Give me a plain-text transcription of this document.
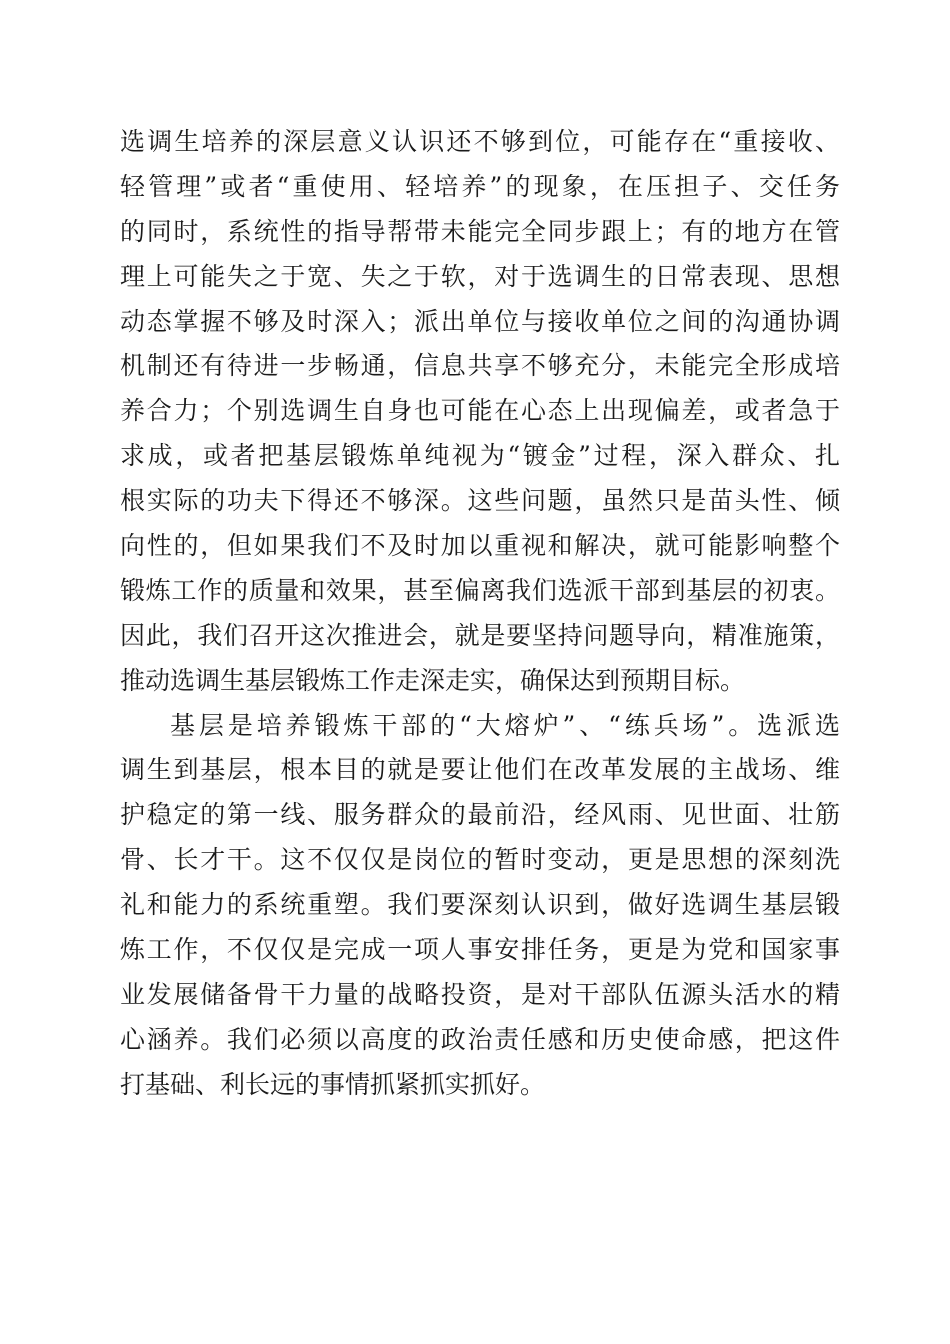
选调生培养的深层意义认识还不够到位，可能存在“重接收、
轻管理”或者“重使用、轻培养”的现象，在压担子、交任务
的同时，系统性的指导帮带未能完全同步跟上；有的地方在管
理上可能失之于宽、失之于软，对于选调生的日常表现、思想
动态掌握不够及时深入；派出单位与接收单位之间的沟通协调
机制还有待进一步畅通，信息共享不够充分，未能完全形成培
养合力；个别选调生自身也可能在心态上出现偏差，或者急于
求成，或者把基层锻炼单纯视为“镀金”过程，深入群众、扎
根实际的功夫下得还不够深。这些问题，虽然只是苗头性、倾
向性的，但如果我们不及时加以重视和解决，就可能影响整个
锻炼工作的质量和效果，甚至偏离我们选派干部到基层的初衷。
因此，我们召开这次推进会，就是要坚持问题导向，精准施策，
推动选调生基层锻炼工作走深走实，确保达到预期目标。
基层是培养锻炼干部的“大熔炉”、“练兵场”。选派选
调生到基层，根本目的就是要让他们在改革发展的主战场、维
护稳定的第一线、服务群众的最前沿，经风雨、见世面、壮筋
骨、长才干。这不仅仅是岗位的暂时变动，更是思想的深刻洗
礼和能力的系统重塑。我们要深刻认识到，做好选调生基层锻
炼工作，不仅仅是完成一项人事安排任务，更是为党和国家事
业发展储备骨干力量的战略投资，是对干部队伍源头活水的精
心涵养。我们必须以高度的政治责任感和历史使命感，把这件
打基础、利长远的事情抓紧抓实抓好。
